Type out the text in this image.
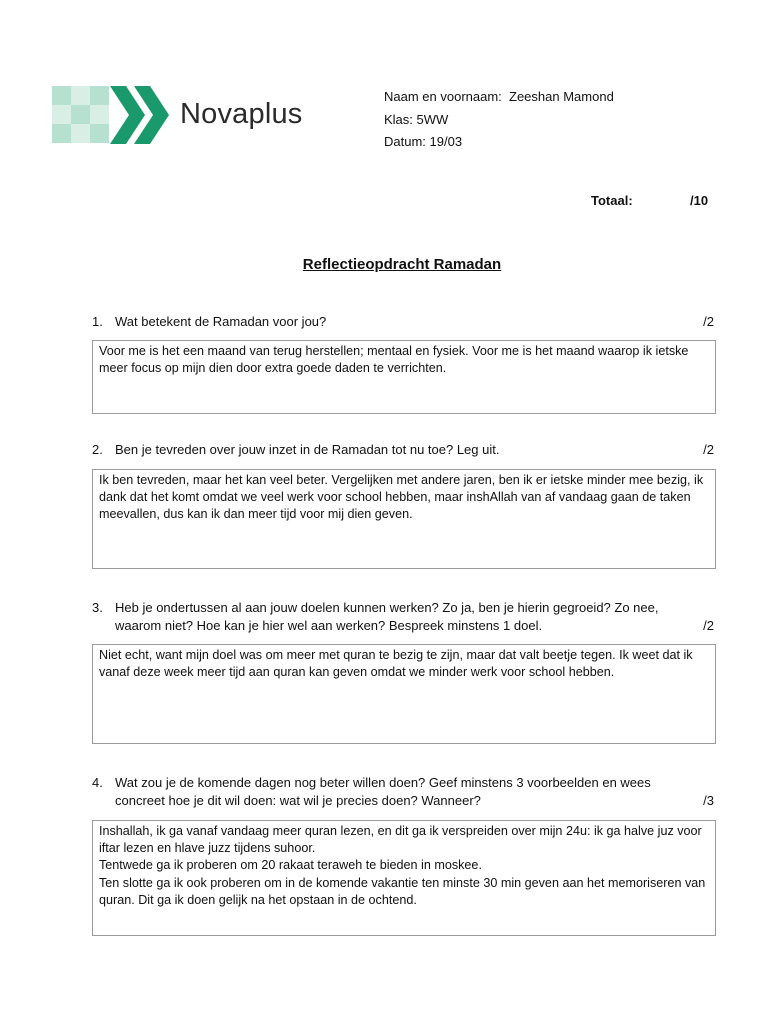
Novaplus
Naam en voornaam: Zeeshan Mamond
Klas: 5WW
Datum: 19/03
Totaal:	/10
Reflectieopdracht Ramadan
1. Wat betekent de Ramadan voor jou?	/2

Voor me is het een maand van terug herstellen; mentaal en fysiek. Voor me is het maand waarop ik ietske meer focus op mijn dien door extra goede daden te verrichten.

2. Ben je tevreden over jouw inzet in de Ramadan tot nu toe? Leg uit.	/2

Ik ben tevreden, maar het kan veel beter. Vergelijken met andere jaren, ben ik er ietske minder mee bezig, ik dank dat het komt omdat we veel werk voor school hebben, maar inshAllah van af vandaag gaan de taken meevallen, dus kan ik dan meer tijd voor mij dien geven.

3. Heb je ondertussen al aan jouw doelen kunnen werken? Zo ja, ben je hierin gegroeid? Zo nee, waarom niet? Hoe kan je hier wel aan werken? Bespreek minstens 1 doel.	/2

Niet echt, want mijn doel was om meer met quran te bezig te zijn, maar dat valt beetje tegen. Ik weet dat ik vanaf deze week meer tijd aan quran kan geven omdat we minder werk voor school hebben.

4. Wat zou je de komende dagen nog beter willen doen? Geef minstens 3 voorbeelden en wees concreet hoe je dit wil doen: wat wil je precies doen? Wanneer?	/3

Inshallah, ik ga vanaf vandaag meer quran lezen, en dit ga ik verspreiden over mijn 24u: ik ga halve juz voor iftar lezen en hlave juzz tijdens suhoor.

Tentwede ga ik proberen om 20 rakaat teraweh te bieden in moskee.

Ten slotte ga ik ook proberen om in de komende vakantie ten minste 30 min geven aan het memoriseren van quran. Dit ga ik doen gelijk na het opstaan in de ochtend.
